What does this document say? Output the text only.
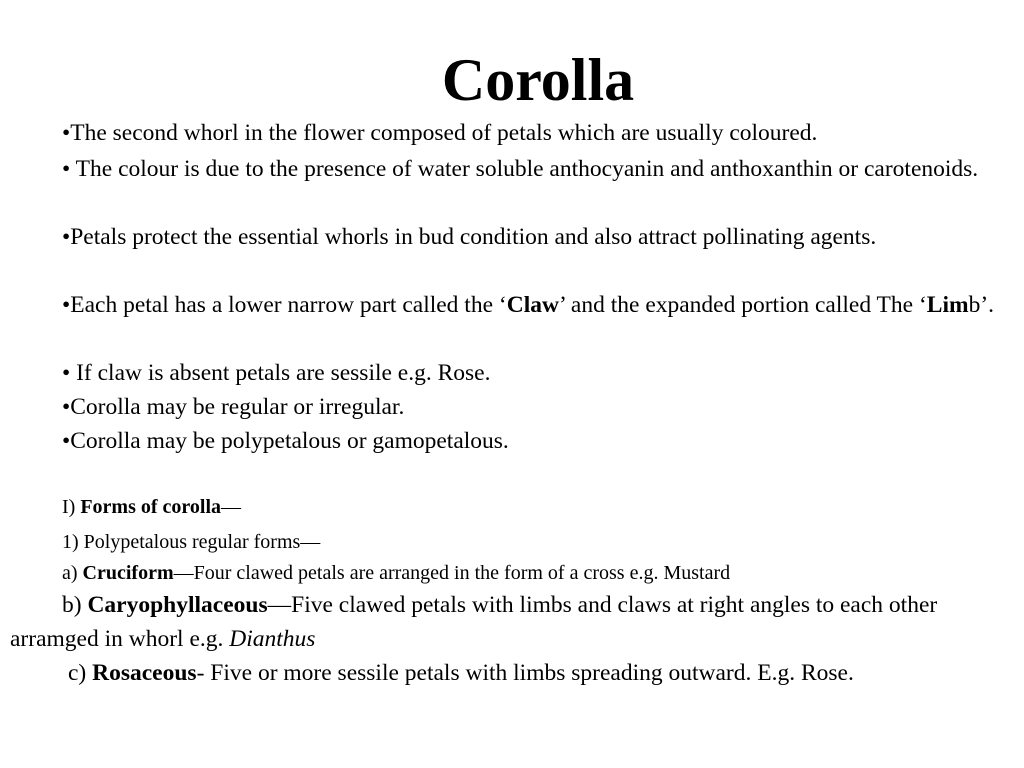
Corolla
•The second whorl in the flower composed of petals which are usually coloured.
• The colour is due to the presence of water soluble anthocyanin and anthoxanthin or carotenoids.
•Petals protect the essential whorls in bud condition and also attract pollinating agents.
•Each petal has a lower narrow part called the ‘Claw’ and the expanded portion called The ‘Limb’.
• If claw is absent petals are sessile e.g. Rose.
•Corolla may be regular or irregular.
•Corolla may be polypetalous or gamopetalous.
I) Forms of corolla—
1) Polypetalous regular forms—
a) Cruciform—Four clawed petals are arranged in the form of a cross e.g. Mustard
b) Caryophyllaceous—Five clawed petals with limbs and claws at right angles to each other arramged in whorl e.g. Dianthus
c) Rosaceous- Five or more sessile petals with limbs spreading outward. E.g. Rose.
